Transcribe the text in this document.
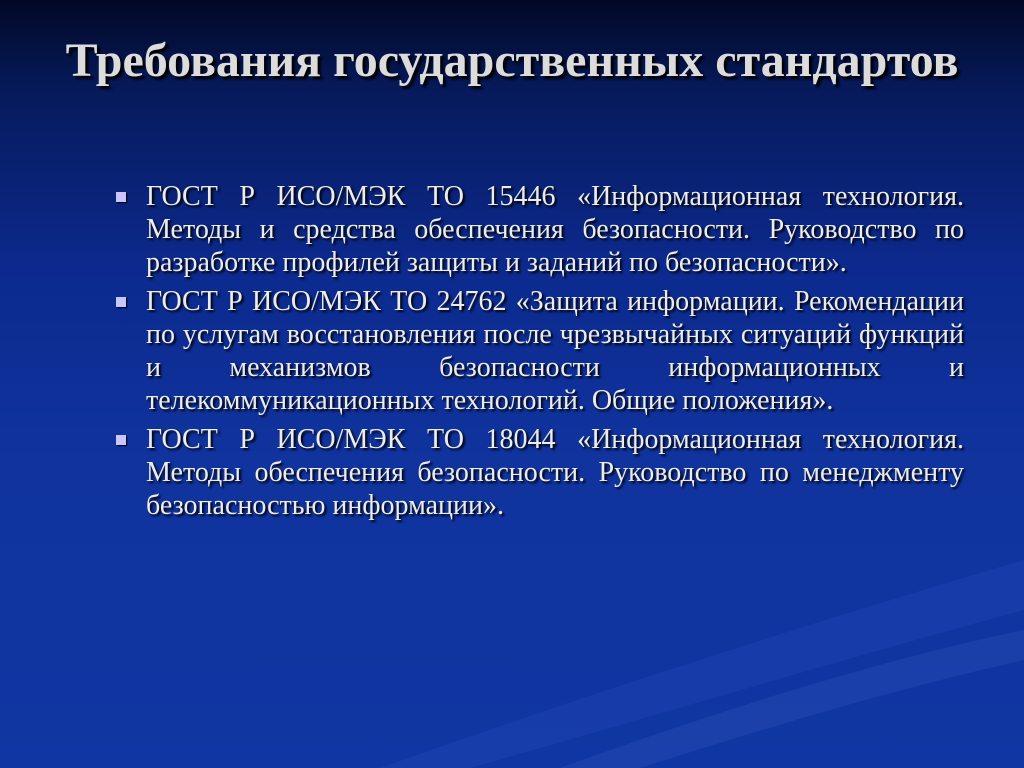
Требования государственных стандартов
ГОСТ Р ИСО/МЭК ТО 15446 «Информационная технология. Методы и средства обеспечения безопасности. Руководство по разработке профилей защиты и заданий по безопасности».
ГОСТ Р ИСО/МЭК ТО 24762 «Защита информации. Рекомендации по услугам восстановления после чрезвычайных ситуаций функций и механизмов безопасности информационных и телекоммуникационных технологий. Общие положения».
ГОСТ Р ИСО/МЭК ТО 18044 «Информационная технология. Методы обеспечения безопасности. Руководство по менеджменту безопасностью информации».
